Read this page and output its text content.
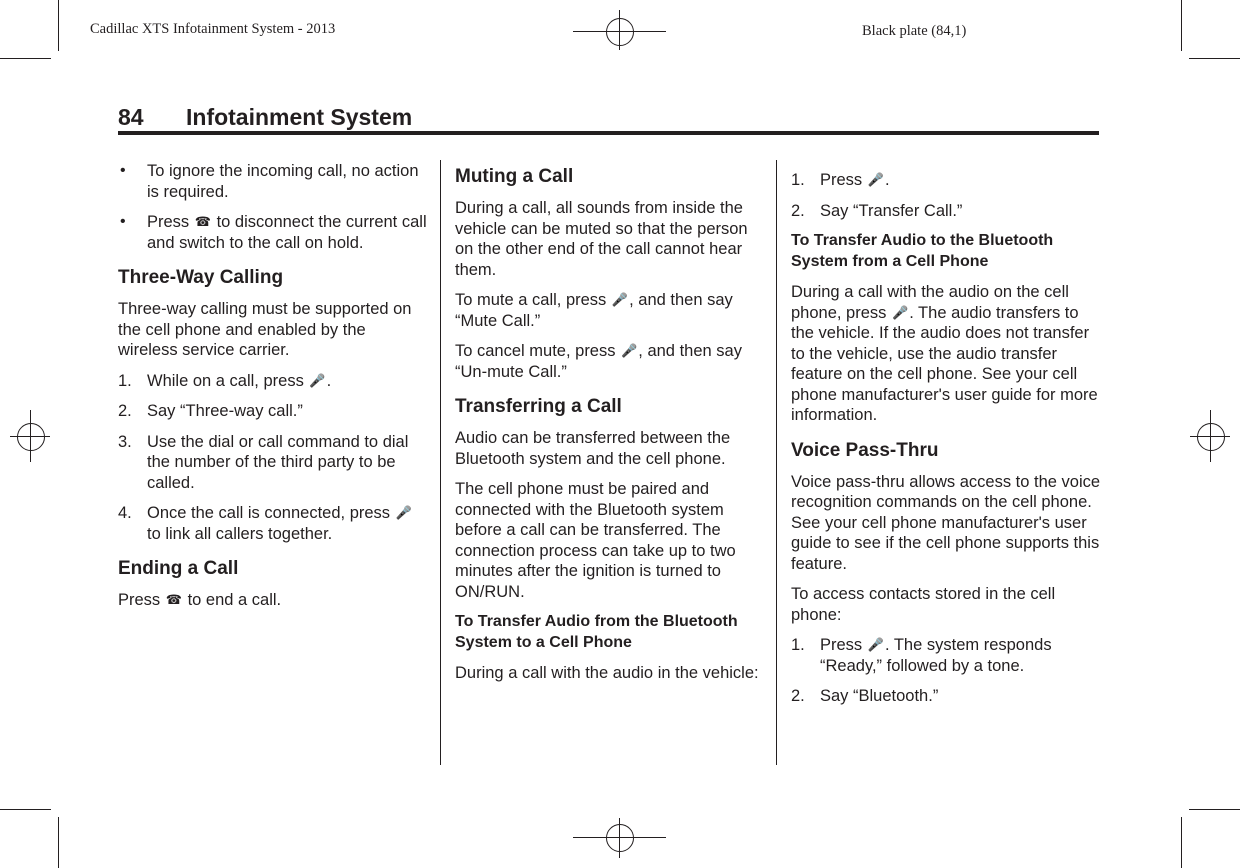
Cadillac XTS Infotainment System - 2013	Black plate (84,1)
84 Infotainment System
• To ignore the incoming call, no action is required.
• Press ☎ to disconnect the current call and switch to the call on hold.
Three-Way Calling

Three-way calling must be supported on the cell phone and enabled by the wireless service carrier.

1. While on a call, press 🎤.
2. Say “Three-way call.”
3. Use the dial or call command to dial the number of the third party to be called.
4. Once the call is connected, press 🎤 to link all callers together.
Ending a Call

Press ☎ to end a call.

Muting a Call

During a call, all sounds from inside the vehicle can be muted so that the person on the other end of the call cannot hear them.

To mute a call, press 🎤, and then say “Mute Call.”

To cancel mute, press 🎤, and then say “Un-mute Call.”

Transferring a Call

Audio can be transferred between the Bluetooth system and the cell phone.

The cell phone must be paired and connected with the Bluetooth system before a call can be transferred. The connection process can take up to two minutes after the ignition is turned to ON/RUN.

To Transfer Audio from the Bluetooth System to a Cell Phone

During a call with the audio in the vehicle:

1. Press 🎤.
2. Say “Transfer Call.”
To Transfer Audio to the Bluetooth System from a Cell Phone

During a call with the audio on the cell phone, press 🎤. The audio transfers to the vehicle. If the audio does not transfer to the vehicle, use the audio transfer feature on the cell phone. See your cell phone manufacturer's user guide for more information.

Voice Pass-Thru

Voice pass-thru allows access to the voice recognition commands on the cell phone. See your cell phone manufacturer's user guide to see if the cell phone supports this feature.

To access contacts stored in the cell phone:

1. Press 🎤. The system responds “Ready,” followed by a tone.
2. Say “Bluetooth.”
